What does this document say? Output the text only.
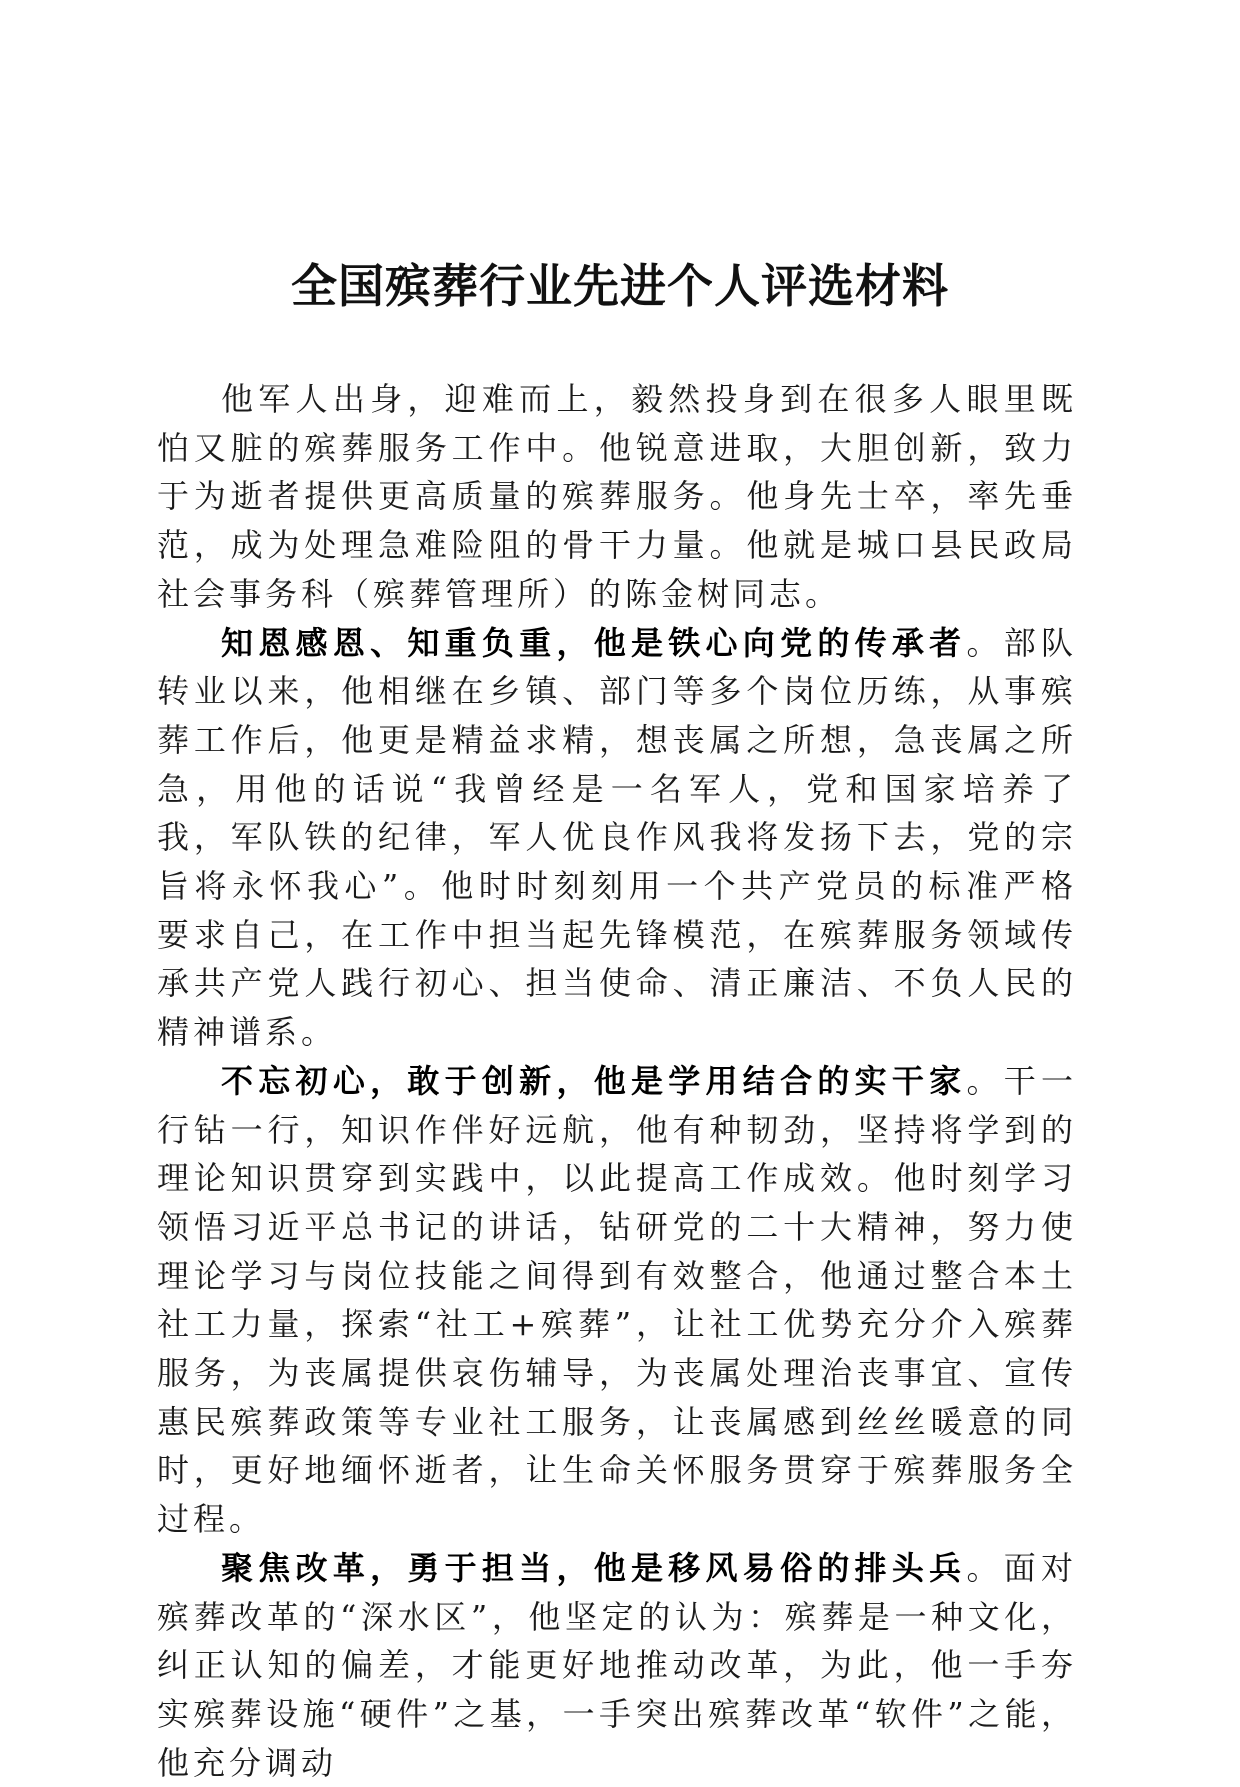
全国殡葬行业先进个人评选材料

他军人出身，迎难而上，毅然投身到在很多人眼里既怕又脏的殡葬服务工作中。他锐意进取，大胆创新，致力于为逝者提供更高质量的殡葬服务。他身先士卒，率先垂范，成为处理急难险阻的骨干力量。他就是城口县民政局社会事务科（殡葬管理所）的陈金树同志。

知恩感恩、知重负重，他是铁心向党的传承者。部队转业以来，他相继在乡镇、部门等多个岗位历练，从事殡葬工作后，他更是精益求精，想丧属之所想，急丧属之所急，用他的话说“我曾经是一名军人，党和国家培养了我，军队铁的纪律，军人优良作风我将发扬下去，党的宗旨将永怀我心”。他时时刻刻用一个共产党员的标准严格要求自己，在工作中担当起先锋模范，在殡葬服务领域传承共产党人践行初心、担当使命、清正廉洁、不负人民的精神谱系。

不忘初心，敢于创新，他是学用结合的实干家。干一行钻一行，知识作伴好远航，他有种韧劲，坚持将学到的理论知识贯穿到实践中，以此提高工作成效。他时刻学习领悟习近平总书记的讲话，钻研党的二十大精神，努力使理论学习与岗位技能之间得到有效整合，他通过整合本土社工力量，探索“社工+殡葬”，让社工优势充分介入殡葬服务，为丧属提供哀伤辅导，为丧属处理治丧事宜、宣传惠民殡葬政策等专业社工服务，让丧属感到丝丝暖意的同时，更好地缅怀逝者，让生命关怀服务贯穿于殡葬服务全过程。

聚焦改革，勇于担当，他是移风易俗的排头兵。面对殡葬改革的“深水区”，他坚定的认为：殡葬是一种文化，纠正认知的偏差，才能更好地推动改革，为此，他一手夯实殡葬设施“硬件”之基，一手突出殡葬改革“软件”之能，他充分调动
